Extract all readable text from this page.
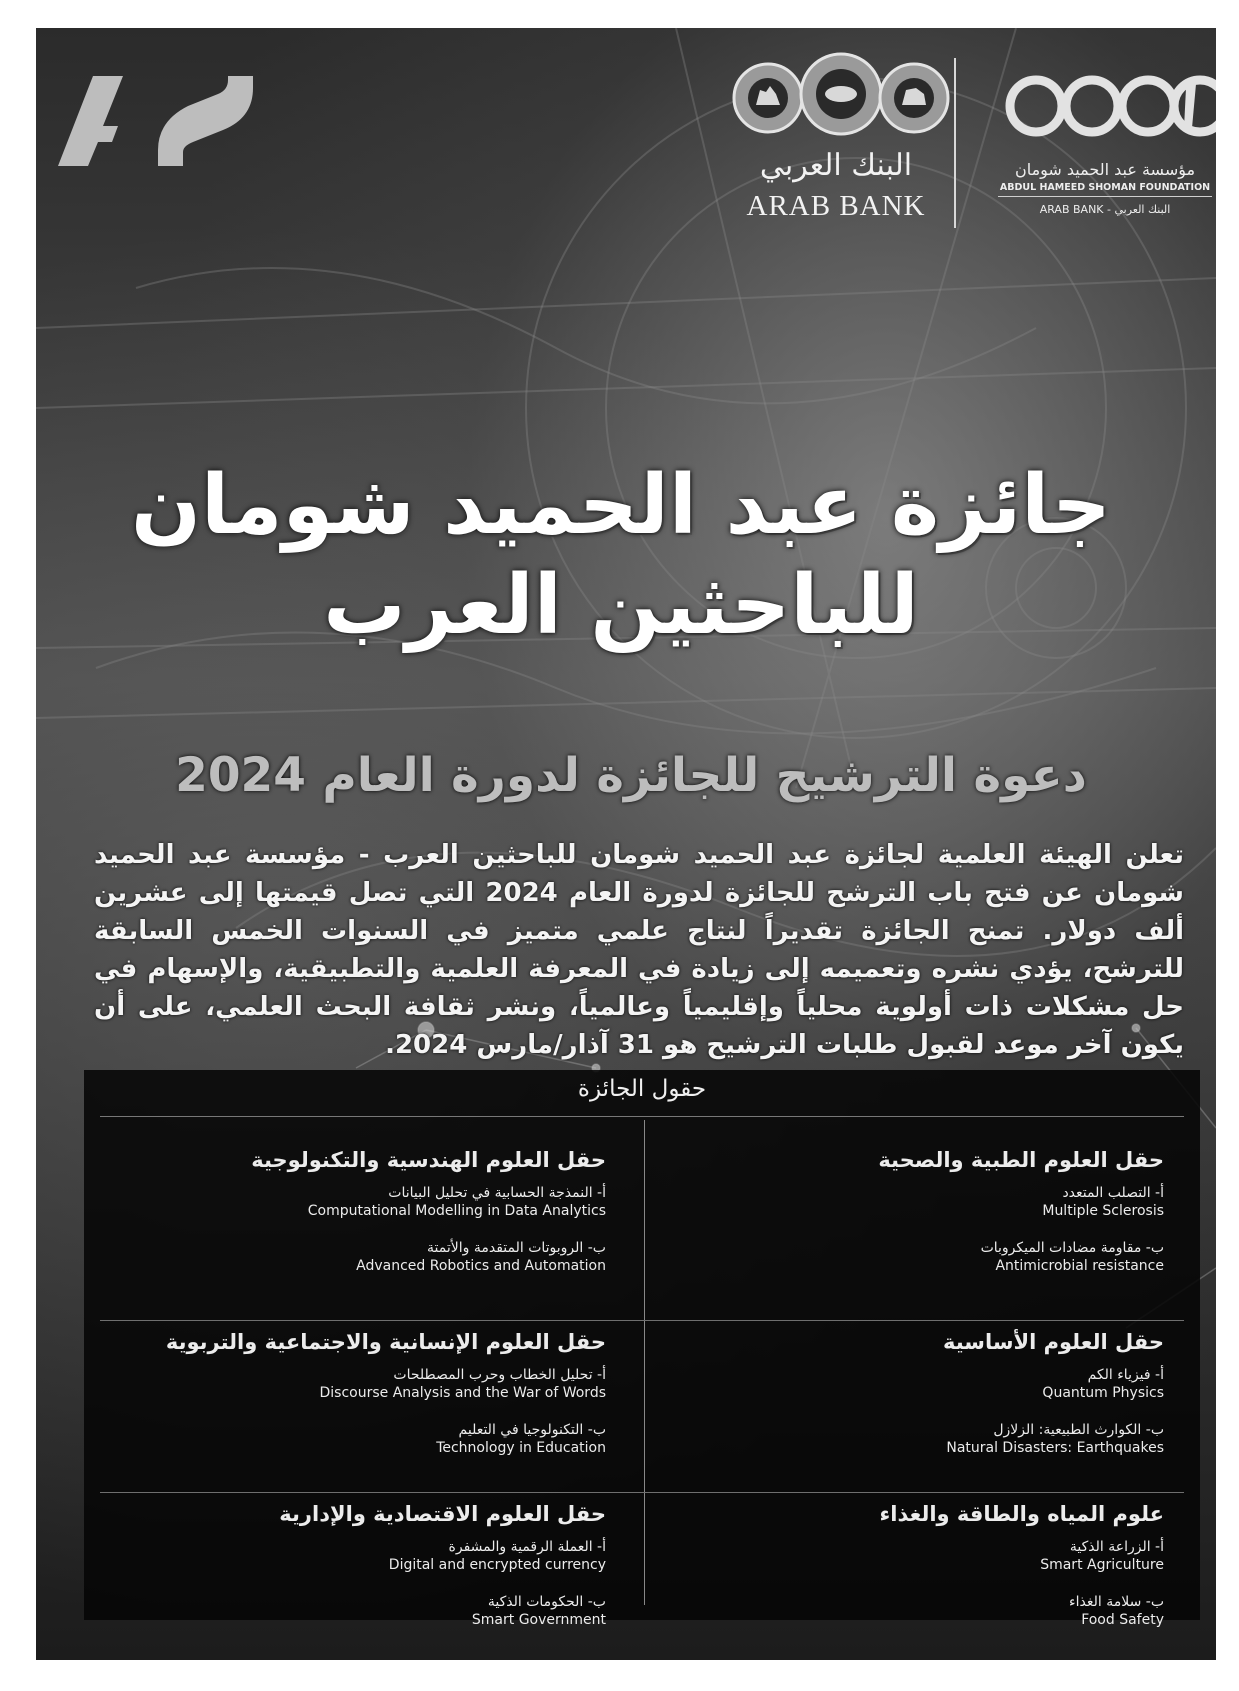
40
البنك العربي
ARAB BANK
مؤسسة عبد الحميد شومان
ABDUL HAMEED SHOMAN FOUNDATION
ARAB BANK - البنك العربي
جائزة عبد الحميد شومان
للباحثين العرب
دعوة الترشيح للجائزة لدورة العام 2024
تعلن الهيئة العلمية لجائزة عبد الحميد شومان للباحثين العرب - مؤسسة عبد الحميد شومان عن فتح باب الترشح للجائزة لدورة العام 2024 التي تصل قيمتها إلى عشرين ألف دولار. تمنح الجائزة تقديراً لنتاج علمي متميز في السنوات الخمس السابقة للترشح، يؤدي نشره وتعميمه إلى زيادة في المعرفة العلمية والتطبيقية، والإسهام في حل مشكلات ذات أولوية محلياً وإقليمياً وعالمياً، ونشر ثقافة البحث العلمي، على أن يكون آخر موعد لقبول طلبات الترشيح هو 31 آذار/مارس 2024.
حقول الجائزة
حقل العلوم الطبية والصحية
أ- التصلب المتعدد
Multiple Sclerosis
ب- مقاومة مضادات الميكروبات
Antimicrobial resistance
حقل العلوم الهندسية والتكنولوجية
أ- النمذجة الحسابية في تحليل البيانات
Computational Modelling in Data Analytics
ب- الروبوتات المتقدمة والأتمتة
Advanced Robotics and Automation
حقل العلوم الأساسية
أ- فيزياء الكم
Quantum Physics
ب- الكوارث الطبيعية: الزلازل
Natural Disasters: Earthquakes
حقل العلوم الإنسانية والاجتماعية والتربوية
أ- تحليل الخطاب وحرب المصطلحات
Discourse Analysis and the War of Words
ب- التكنولوجيا في التعليم
Technology in Education
علوم المياه والطاقة والغذاء
أ- الزراعة الذكية
Smart Agriculture
ب- سلامة الغذاء
Food Safety
حقل العلوم الاقتصادية والإدارية
أ- العملة الرقمية والمشفرة
Digital and encrypted currency
ب- الحكومات الذكية
Smart Government
